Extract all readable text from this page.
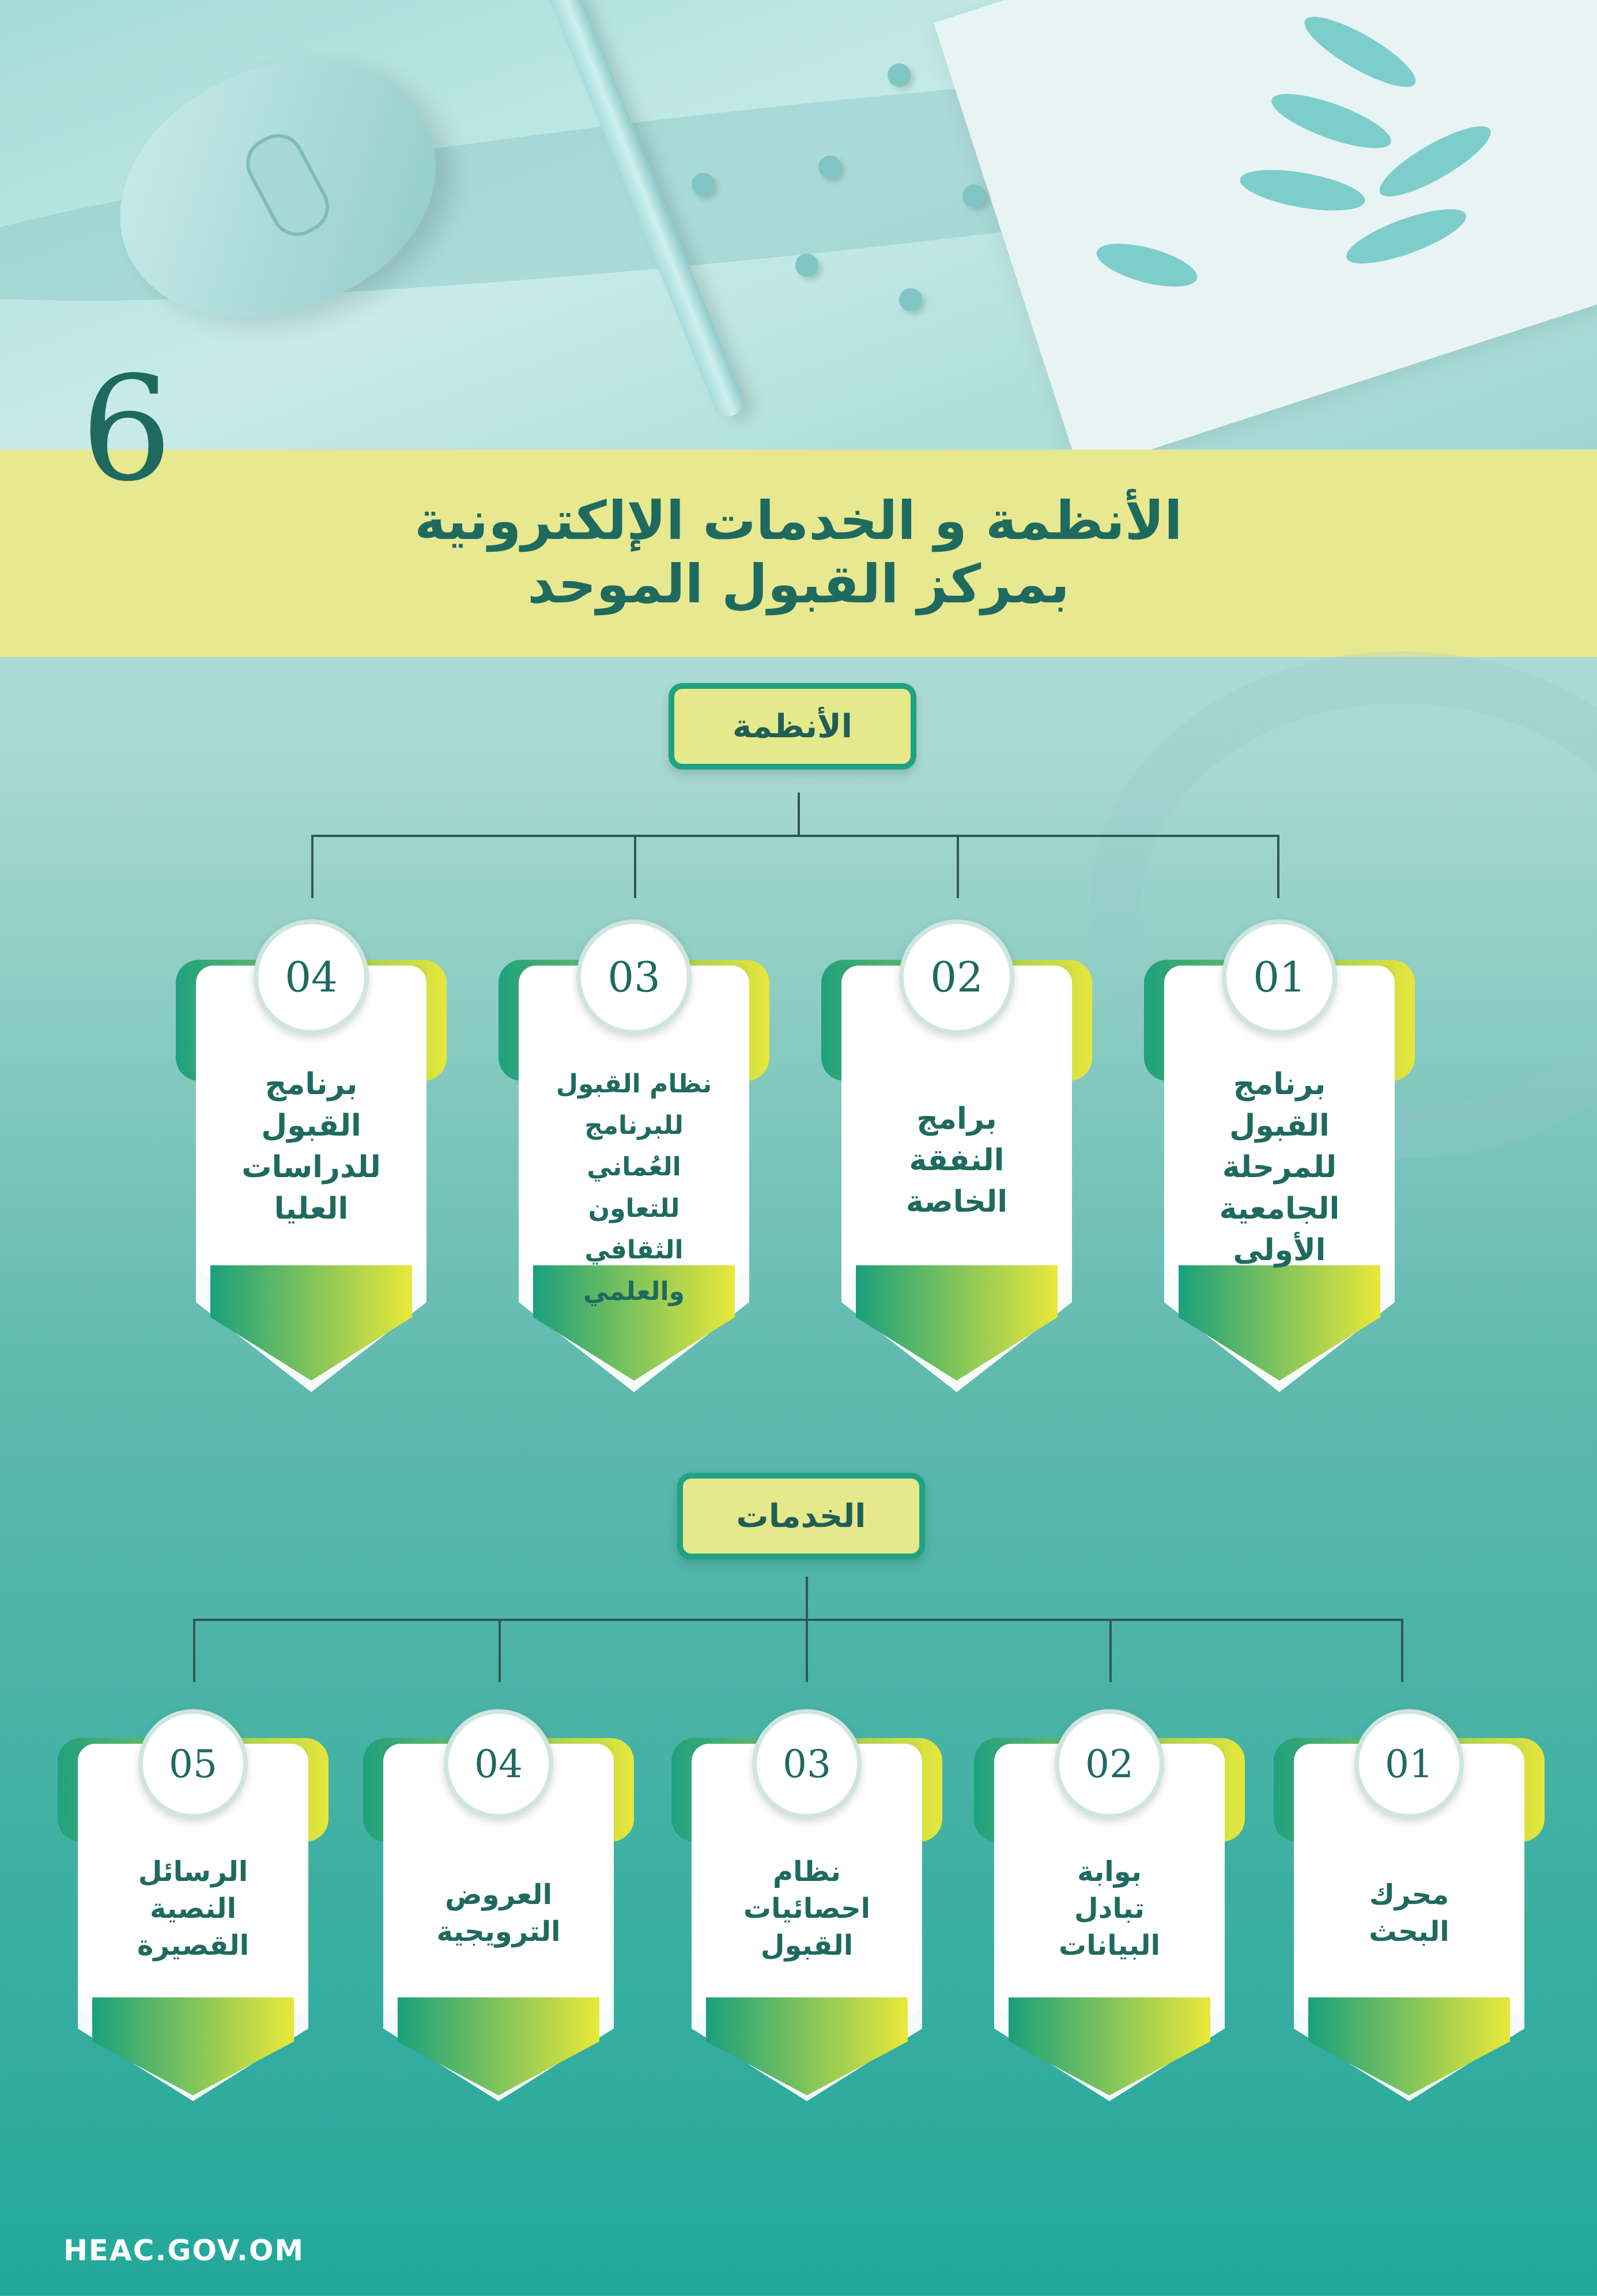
6
الأنظمة و الخدمات الإلكترونية
بمركز القبول الموحد
الأنظمة
01
برنامج
القبول
للمرحلة
الجامعية
الأولى
02
برامج
النفقة
الخاصة
03
نظام القبول
للبرنامج العُماني
للتعاون الثقافي
والعلمي
04
برنامج
القبول
للدراسات
العليا
الخدمات
01
محرك
البحث
02
بوابة
تبادل
البيانات
03
نظام
احصائيات
القبول
04
العروض
الترويجية
05
الرسائل
النصية
القصيرة
HEAC.GOV.OM
